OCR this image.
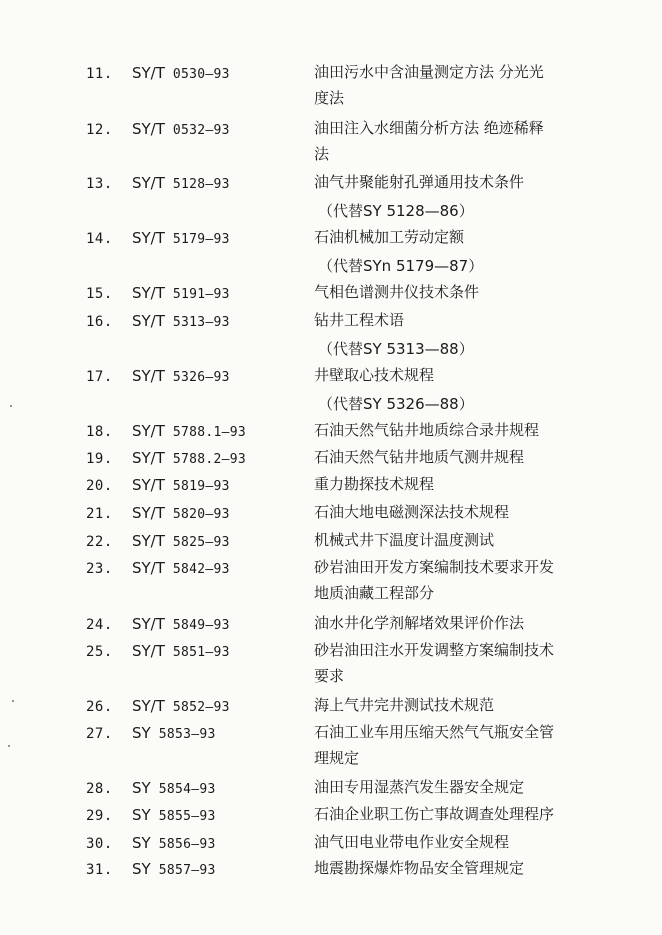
11. SY/T 0530—93	油田污水中含油量测定方法 分光光
度法
12. SY/T 0532—93	油田注入水细菌分析方法 绝迹稀释
法
13. SY/T 5128—93	油气井聚能射孔弹通用技术条件
（代替SY 5128—86）
14. SY/T 5179—93	石油机械加工劳动定额
（代替SYn 5179—87）
15. SY/T 5191—93	气相色谱测井仪技术条件
16. SY/T 5313—93	钻井工程术语
（代替SY 5313—88）
17. SY/T 5326—93	井壁取心技术规程
（代替SY 5326—88）
18. SY/T 5788.1—93	石油天然气钻井地质综合录井规程
19. SY/T 5788.2—93	石油天然气钻井地质气测井规程
20. SY/T 5819—93	重力勘探技术规程
21. SY/T 5820—93	石油大地电磁测深法技术规程
22. SY/T 5825—93	机械式井下温度计温度测试
23. SY/T 5842—93	砂岩油田开发方案编制技术要求开发
地质油藏工程部分
24. SY/T 5849—93	油水井化学剂解堵效果评价作法
25. SY/T 5851—93	砂岩油田注水开发调整方案编制技术
要求
26. SY/T 5852—93	海上气井完井测试技术规范
27. SY 5853—93	石油工业车用压缩天然气气瓶安全管
理规定
28. SY 5854—93	油田专用湿蒸汽发生器安全规定
29. SY 5855—93	石油企业职工伤亡事故调查处理程序
30. SY 5856—93	油气田电业带电作业安全规程
31. SY 5857—93	地震勘探爆炸物品安全管理规定
